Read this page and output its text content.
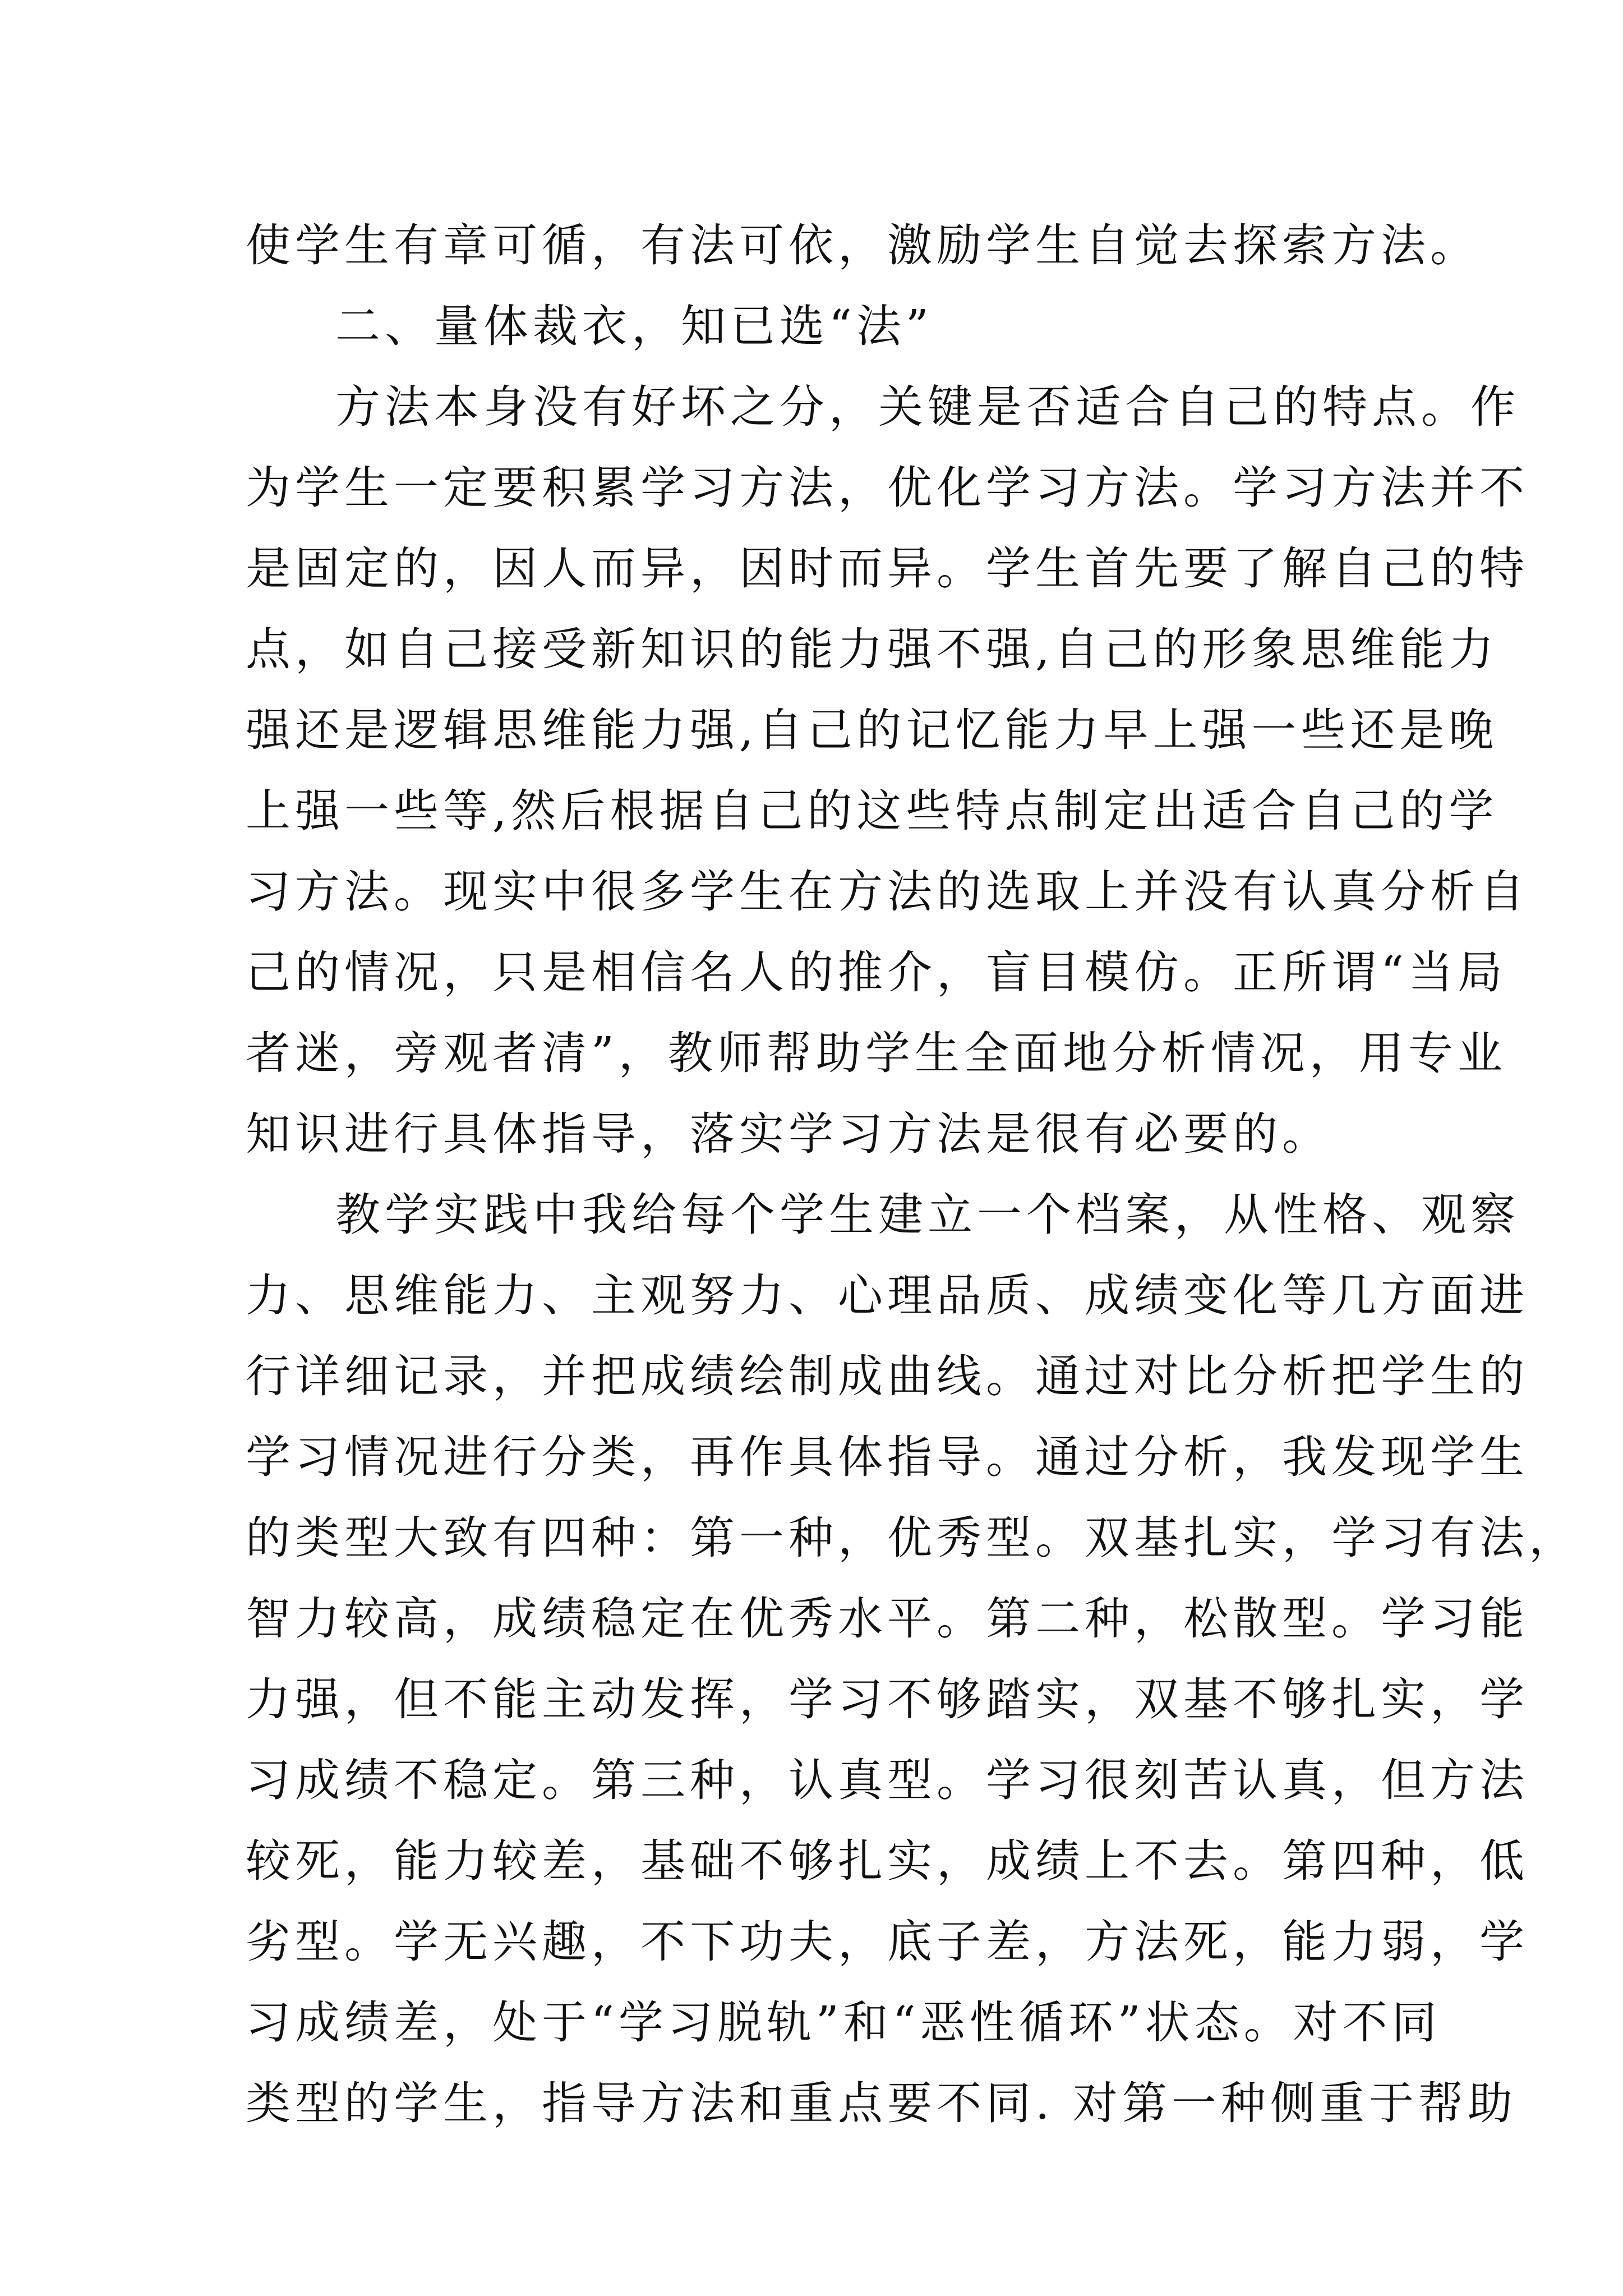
使学生有章可循，有法可依，激励学生自觉去探索方法。
二、量体裁衣，知已选“法”
方法本身没有好坏之分，关键是否适合自己的特点。作
为学生一定要积累学习方法，优化学习方法。学习方法并不
是固定的，因人而异，因时而异。学生首先要了解自己的特
点，如自己接受新知识的能力强不强,自己的形象思维能力
强还是逻辑思维能力强,自己的记忆能力早上强一些还是晚
上强一些等,然后根据自己的这些特点制定出适合自己的学
习方法。现实中很多学生在方法的选取上并没有认真分析自
己的情况，只是相信名人的推介，盲目模仿。正所谓“当局
者迷，旁观者清”，教师帮助学生全面地分析情况，用专业
知识进行具体指导，落实学习方法是很有必要的。
教学实践中我给每个学生建立一个档案，从性格、观察
力、思维能力、主观努力、心理品质、成绩变化等几方面进
行详细记录，并把成绩绘制成曲线。通过对比分析把学生的
学习情况进行分类，再作具体指导。通过分析，我发现学生
的类型大致有四种：第一种，优秀型。双基扎实，学习有法，
智力较高，成绩稳定在优秀水平。第二种，松散型。学习能
力强，但不能主动发挥，学习不够踏实，双基不够扎实，学
习成绩不稳定。第三种，认真型。学习很刻苦认真，但方法
较死，能力较差，基础不够扎实，成绩上不去。第四种，低
劣型。学无兴趣，不下功夫，底子差，方法死，能力弱，学
习成绩差，处于“学习脱轨”和“恶性循环”状态。对不同
类型的学生，指导方法和重点要不同. 对第一种侧重于帮助
